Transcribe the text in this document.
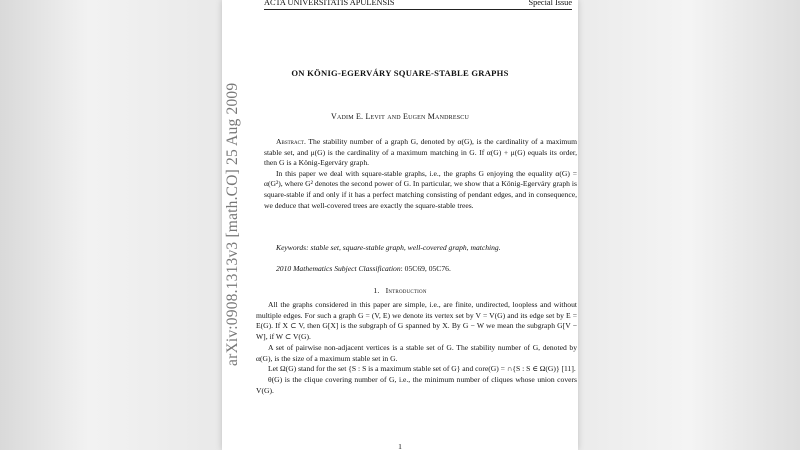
ACTA UNIVERSITATIS APULENSIS	Special Issue
ON KÖNIG-EGERVÁRY SQUARE-STABLE GRAPHS
Vadim E. Levit and Eugen Mandrescu

Abstract. The stability number of a graph G, denoted by α(G), is the cardinality of a maximum stable set, and μ(G) is the cardinality of a maximum matching in G. If α(G) + μ(G) equals its order, then G is a König-Egerváry graph.

In this paper we deal with square-stable graphs, i.e., the graphs G enjoying the equality α(G) = α(G²), where G² denotes the second power of G. In particular, we show that a König-Egerváry graph is square-stable if and only if it has a perfect matching consisting of pendant edges, and in consequence, we deduce that well-covered trees are exactly the square-stable trees.

Keywords: stable set, square-stable graph, well-covered graph, matching.
2010 Mathematics Subject Classification: 05C69, 05C76.
1. Introduction

All the graphs considered in this paper are simple, i.e., are finite, undirected, loopless and without multiple edges. For such a graph G = (V, E) we denote its vertex set by V = V(G) and its edge set by E = E(G). If X ⊂ V, then G[X] is the subgraph of G spanned by X. By G − W we mean the subgraph G[V − W], if W ⊂ V(G).

A set of pairwise non-adjacent vertices is a stable set of G. The stability number of G, denoted by α(G), is the size of a maximum stable set in G.

Let Ω(G) stand for the set {S : S is a maximum stable set of G} and core(G) = ∩{S : S ∈ Ω(G)} [11].

θ(G) is the clique covering number of G, i.e., the minimum number of cliques whose union covers V(G).

1
arXiv:0908.1313v3 [math.CO] 25 Aug 2009
